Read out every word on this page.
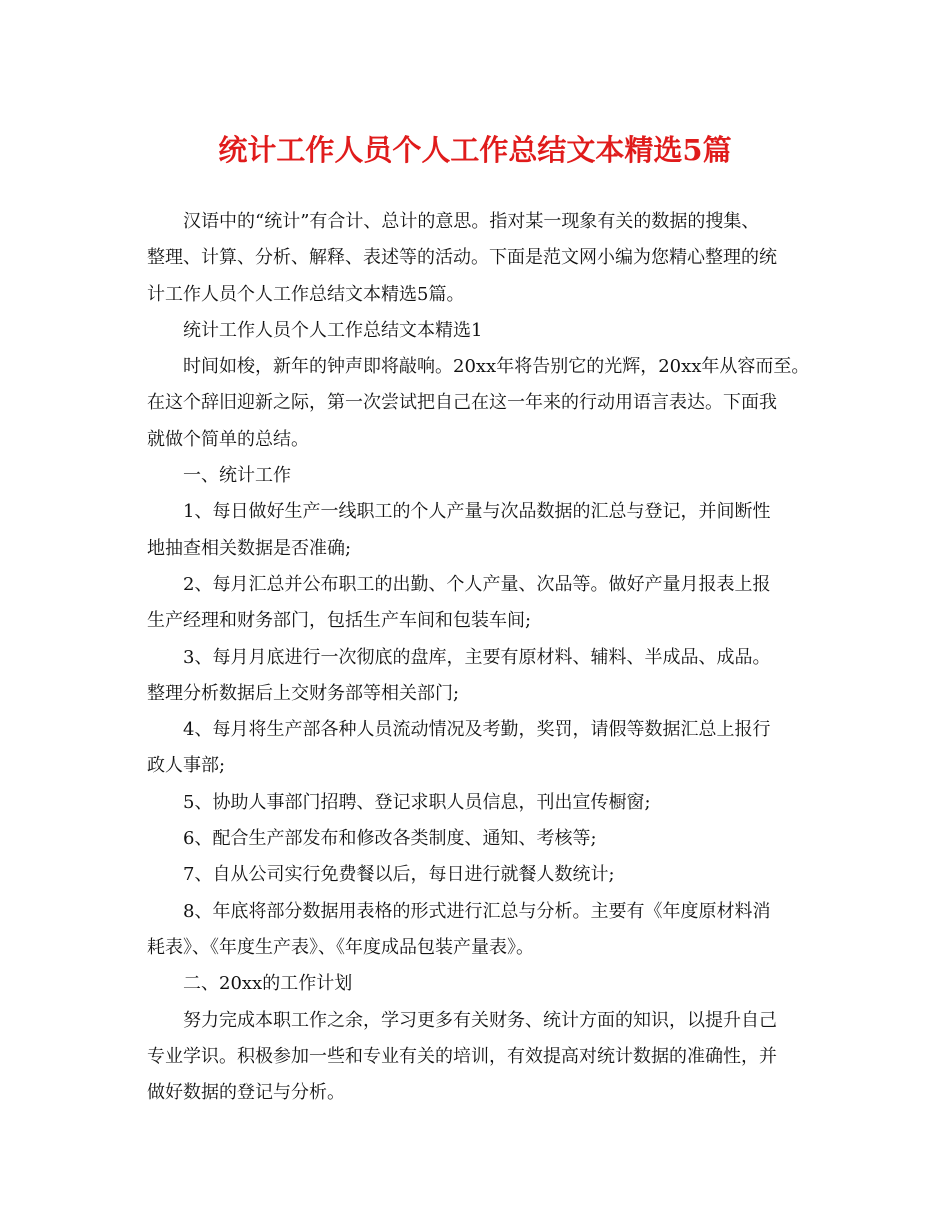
统计工作人员个人工作总结文本精选5篇
汉语中的“统计”有合计、总计的意思。指对某一现象有关的数据的搜集、
整理、计算、分析、解释、表述等的活动。下面是范文网小编为您精心整理的统
计工作人员个人工作总结文本精选5篇。
统计工作人员个人工作总结文本精选1
时间如梭，新年的钟声即将敲响。20xx年将告别它的光辉，20xx年从容而至。
在这个辞旧迎新之际，第一次尝试把自己在这一年来的行动用语言表达。下面我
就做个简单的总结。
一、统计工作
1、每日做好生产一线职工的个人产量与次品数据的汇总与登记，并间断性
地抽查相关数据是否准确;
2、每月汇总并公布职工的出勤、个人产量、次品等。做好产量月报表上报
生产经理和财务部门，包括生产车间和包装车间;
3、每月月底进行一次彻底的盘库，主要有原材料、辅料、半成品、成品。
整理分析数据后上交财务部等相关部门;
4、每月将生产部各种人员流动情况及考勤，奖罚，请假等数据汇总上报行
政人事部;
5、协助人事部门招聘、登记求职人员信息，刊出宣传橱窗;
6、配合生产部发布和修改各类制度、通知、考核等;
7、自从公司实行免费餐以后，每日进行就餐人数统计;
8、年底将部分数据用表格的形式进行汇总与分析。主要有《年度原材料消
耗表》、《年度生产表》、《年度成品包装产量表》。
二、20xx的工作计划
努力完成本职工作之余，学习更多有关财务、统计方面的知识，以提升自己
专业学识。积极参加一些和专业有关的培训，有效提高对统计数据的准确性，并
做好数据的登记与分析。
